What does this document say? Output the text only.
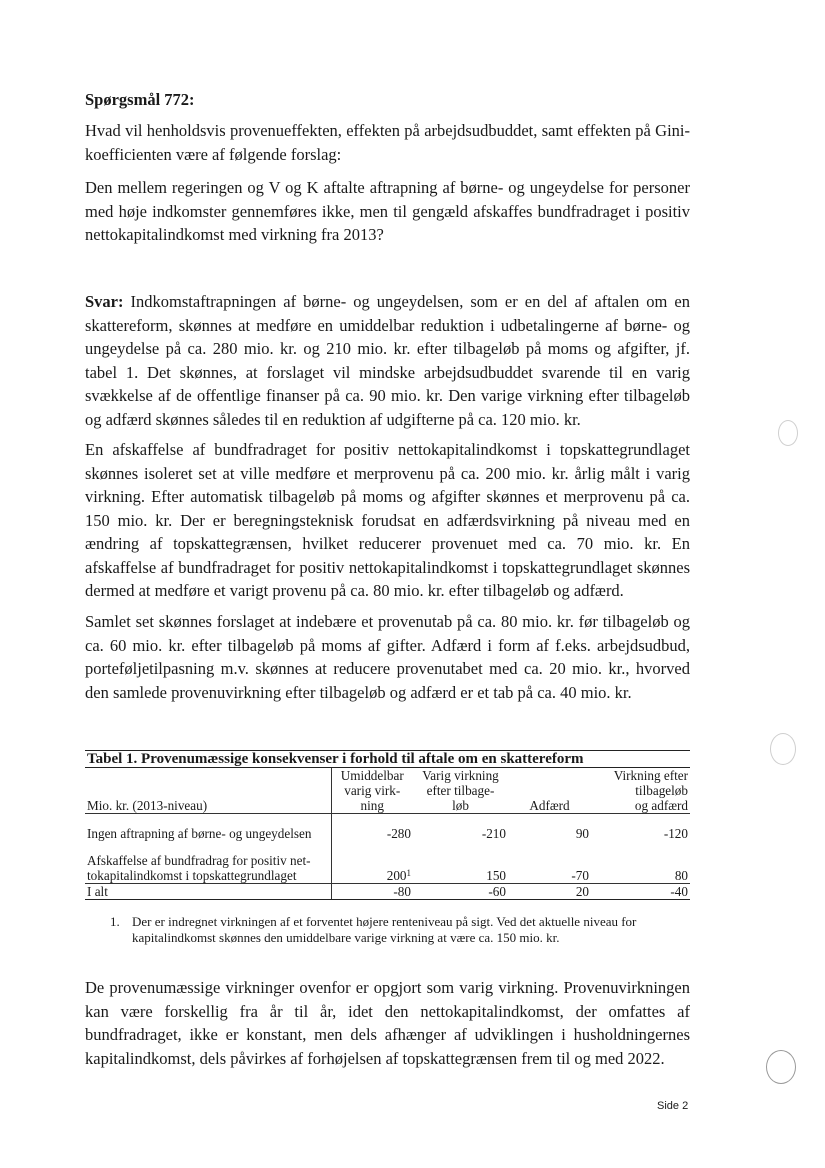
Spørgsmål 772:

Hvad vil henholdsvis provenueffekten, effekten på arbejdsudbuddet, samt effekten på Gini-koefficienten være af følgende forslag:

Den mellem regeringen og V og K aftalte aftrapning af børne- og ungeydelse for personer med høje indkomster gennemføres ikke, men til gengæld afskaffes bundfradraget i positiv nettokapitalindkomst med virkning fra 2013?

Svar: Indkomstaftrapningen af børne- og ungeydelsen, som er en del af aftalen om en skattereform, skønnes at medføre en umiddelbar reduktion i udbetalingerne af børne- og ungeydelse på ca. 280 mio. kr. og 210 mio. kr. efter tilbageløb på moms og afgifter, jf. tabel 1. Det skønnes, at forslaget vil mindske arbejdsudbuddet svarende til en varig svækkelse af de offentlige finanser på ca. 90 mio. kr. Den varige virkning efter tilbageløb og adfærd skønnes således til en reduktion af udgifterne på ca. 120 mio. kr.

En afskaffelse af bundfradraget for positiv nettokapitalindkomst i topskattegrundlaget skønnes isoleret set at ville medføre et merprovenu på ca. 200 mio. kr. årlig målt i varig virkning. Efter automatisk tilbageløb på moms og afgifter skønnes et merprovenu på ca. 150 mio. kr. Der er beregningsteknisk forudsat en adfærdsvirkning på niveau med en ændring af topskattegrænsen, hvilket reducerer provenuet med ca. 70 mio. kr. En afskaffelse af bundfradraget for positiv nettokapitalindkomst i topskattegrundlaget skønnes dermed at medføre et varigt provenu på ca. 80 mio. kr. efter tilbageløb og adfærd.

Samlet set skønnes forslaget at indebære et provenutab på ca. 80 mio. kr. før tilbageløb og ca. 60 mio. kr. efter tilbageløb på moms af gifter. Adfærd i form af f.eks. arbejdsudbud, porteføljetilpasning m.v. skønnes at reducere provenutabet med ca. 20 mio. kr., hvorved den samlede provenuvirkning efter tilbageløb og adfærd er et tab på ca. 40 mio. kr.

Tabel 1. Provenumæssige konsekvenser i forhold til aftale om en skattereform				
	Umiddelbar	Varig virkning		Virkning efter
	varig virk-	efter tilbage-		tilbageløb
Mio. kr. (2013-niveau)	ning	løb	Adfærd	og adfærd

Ingen aftrapning af børne- og ungeydelsen	-280	-210	90	-120

Afskaffelse af bundfradrag for positiv net-				
tokapitalindkomst i topskattegrundlaget	$200^1$	150	-70	80
I alt	-80	-60	20	-40
1. Der er indregnet virkningen af et forventet højere renteniveau på sigt. Ved det aktuelle niveau for kapitalindkomst skønnes den umiddelbare varige virkning at være ca. 150 mio. kr.

De provenumæssige virkninger ovenfor er opgjort som varig virkning. Provenuvirkningen kan være forskellig fra år til år, idet den nettokapitalindkomst, der omfattes af bundfradraget, ikke er konstant, men dels afhænger af udviklingen i husholdningernes kapitalindkomst, dels påvirkes af forhøjelsen af topskattegrænsen frem til og med 2022.

Side 2
